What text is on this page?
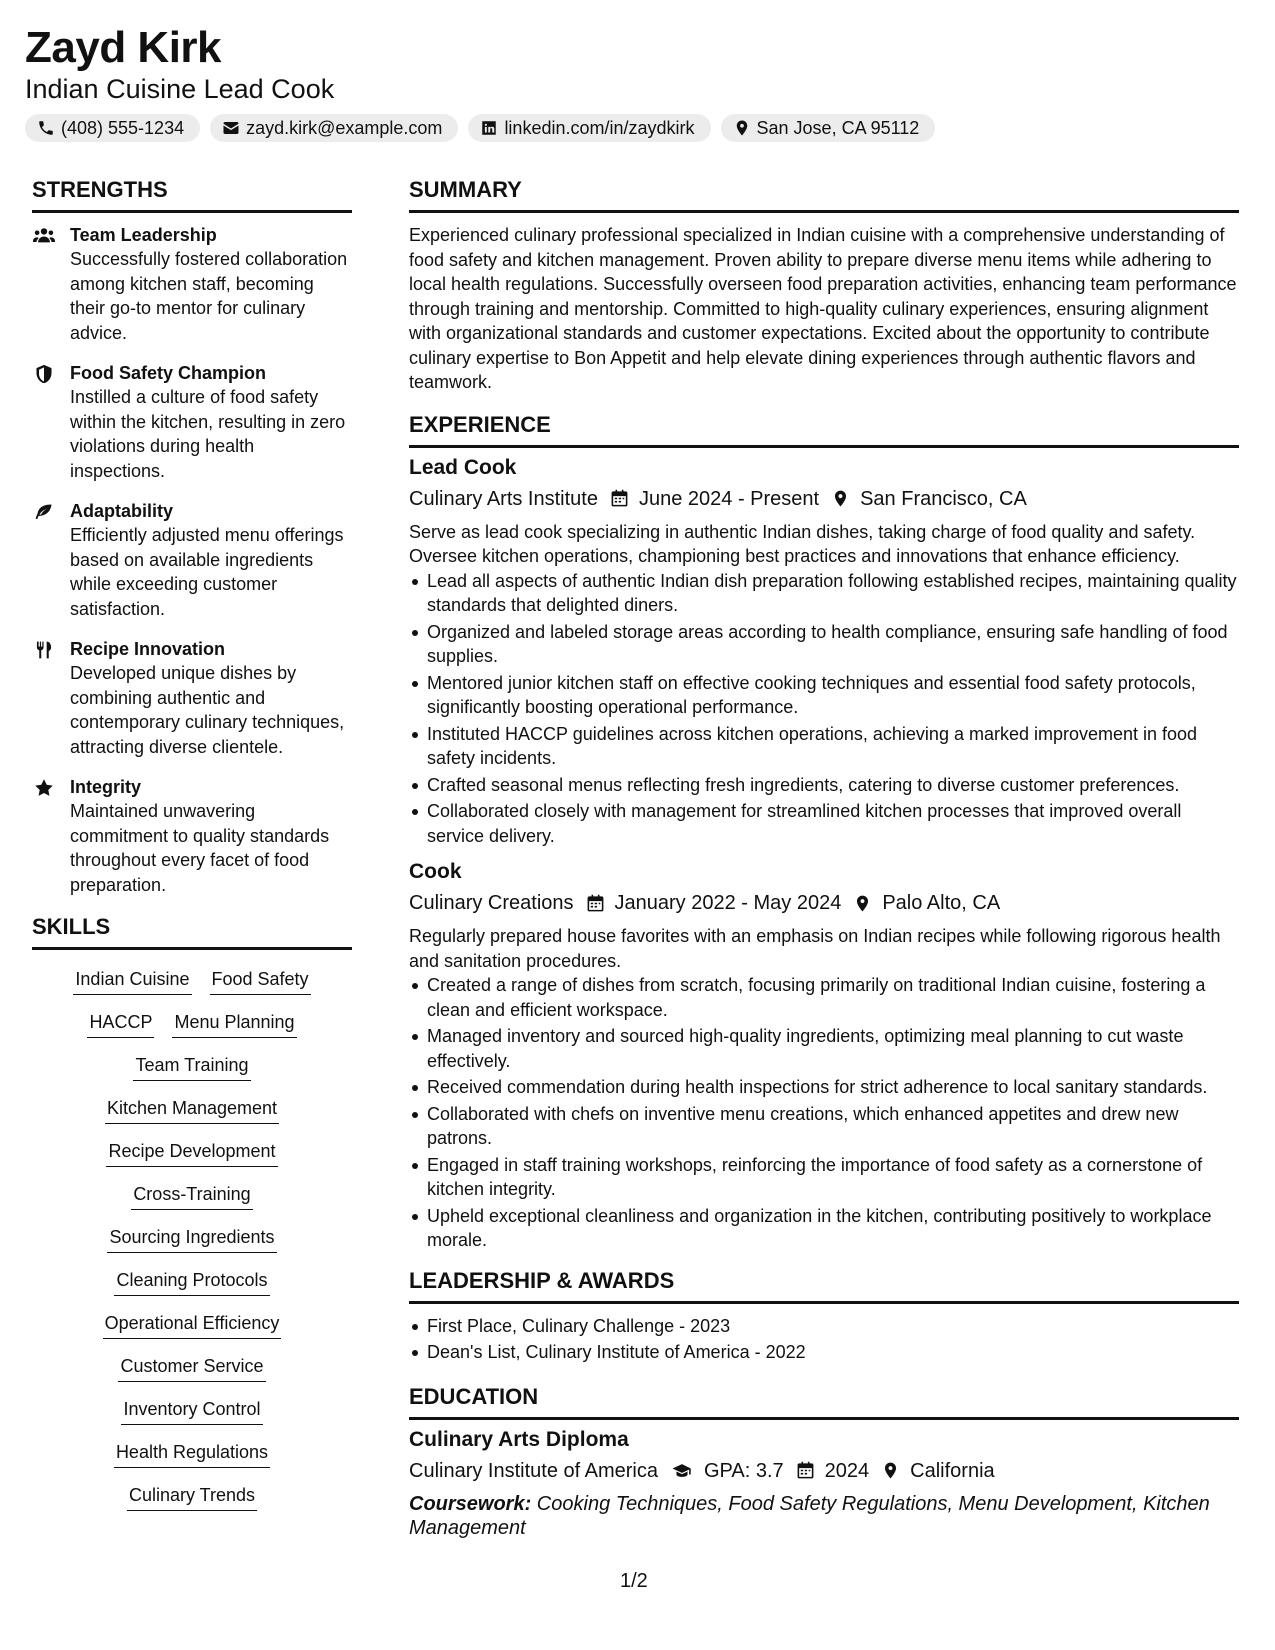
Zayd Kirk
Indian Cuisine Lead Cook
(408) 555-1234	zayd.kirk@example.com	linkedin.com/in/zaydkirk	San Jose, CA 95112
STRENGTHS
Team Leadership
Successfully fostered collaboration among kitchen staff, becoming their go-to mentor for culinary advice.
Food Safety Champion
Instilled a culture of food safety within the kitchen, resulting in zero violations during health inspections.
Adaptability
Efficiently adjusted menu offerings based on available ingredients while exceeding customer satisfaction.
Recipe Innovation
Developed unique dishes by combining authentic and contemporary culinary techniques, attracting diverse clientele.
Integrity
Maintained unwavering commitment to quality standards throughout every facet of food preparation.
SKILLS
Indian Cuisine Food Safety
HACCP Menu Planning
Team Training
Kitchen Management
Recipe Development
Cross-Training
Sourcing Ingredients
Cleaning Protocols
Operational Efficiency
Customer Service
Inventory Control
Health Regulations
Culinary Trends
SUMMARY
Experienced culinary professional specialized in Indian cuisine with a comprehensive understanding of food safety and kitchen management. Proven ability to prepare diverse menu items while adhering to local health regulations. Successfully overseen food preparation activities, enhancing team performance through training and mentorship. Committed to high-quality culinary experiences, ensuring alignment with organizational standards and customer expectations. Excited about the opportunity to contribute culinary expertise to Bon Appetit and help elevate dining experiences through authentic flavors and teamwork.
EXPERIENCE
Lead Cook
Culinary Arts Institute June 2024 - Present San Francisco, CA
Serve as lead cook specializing in authentic Indian dishes, taking charge of food quality and safety. Oversee kitchen operations, championing best practices and innovations that enhance efficiency.
Lead all aspects of authentic Indian dish preparation following established recipes, maintaining quality standards that delighted diners.
Organized and labeled storage areas according to health compliance, ensuring safe handling of food supplies.
Mentored junior kitchen staff on effective cooking techniques and essential food safety protocols, significantly boosting operational performance.
Instituted HACCP guidelines across kitchen operations, achieving a marked improvement in food safety incidents.
Crafted seasonal menus reflecting fresh ingredients, catering to diverse customer preferences.
Collaborated closely with management for streamlined kitchen processes that improved overall service delivery.
Cook
Culinary Creations January 2022 - May 2024 Palo Alto, CA
Regularly prepared house favorites with an emphasis on Indian recipes while following rigorous health and sanitation procedures.
Created a range of dishes from scratch, focusing primarily on traditional Indian cuisine, fostering a clean and efficient workspace.
Managed inventory and sourced high-quality ingredients, optimizing meal planning to cut waste effectively.
Received commendation during health inspections for strict adherence to local sanitary standards.
Collaborated with chefs on inventive menu creations, which enhanced appetites and drew new patrons.
Engaged in staff training workshops, reinforcing the importance of food safety as a cornerstone of kitchen integrity.
Upheld exceptional cleanliness and organization in the kitchen, contributing positively to workplace morale.
LEADERSHIP & AWARDS
First Place, Culinary Challenge - 2023
Dean's List, Culinary Institute of America - 2022
EDUCATION
Culinary Arts Diploma
Culinary Institute of America GPA: 3.7 2024 California
Coursework: Cooking Techniques, Food Safety Regulations, Menu Development, Kitchen Management
1/2
